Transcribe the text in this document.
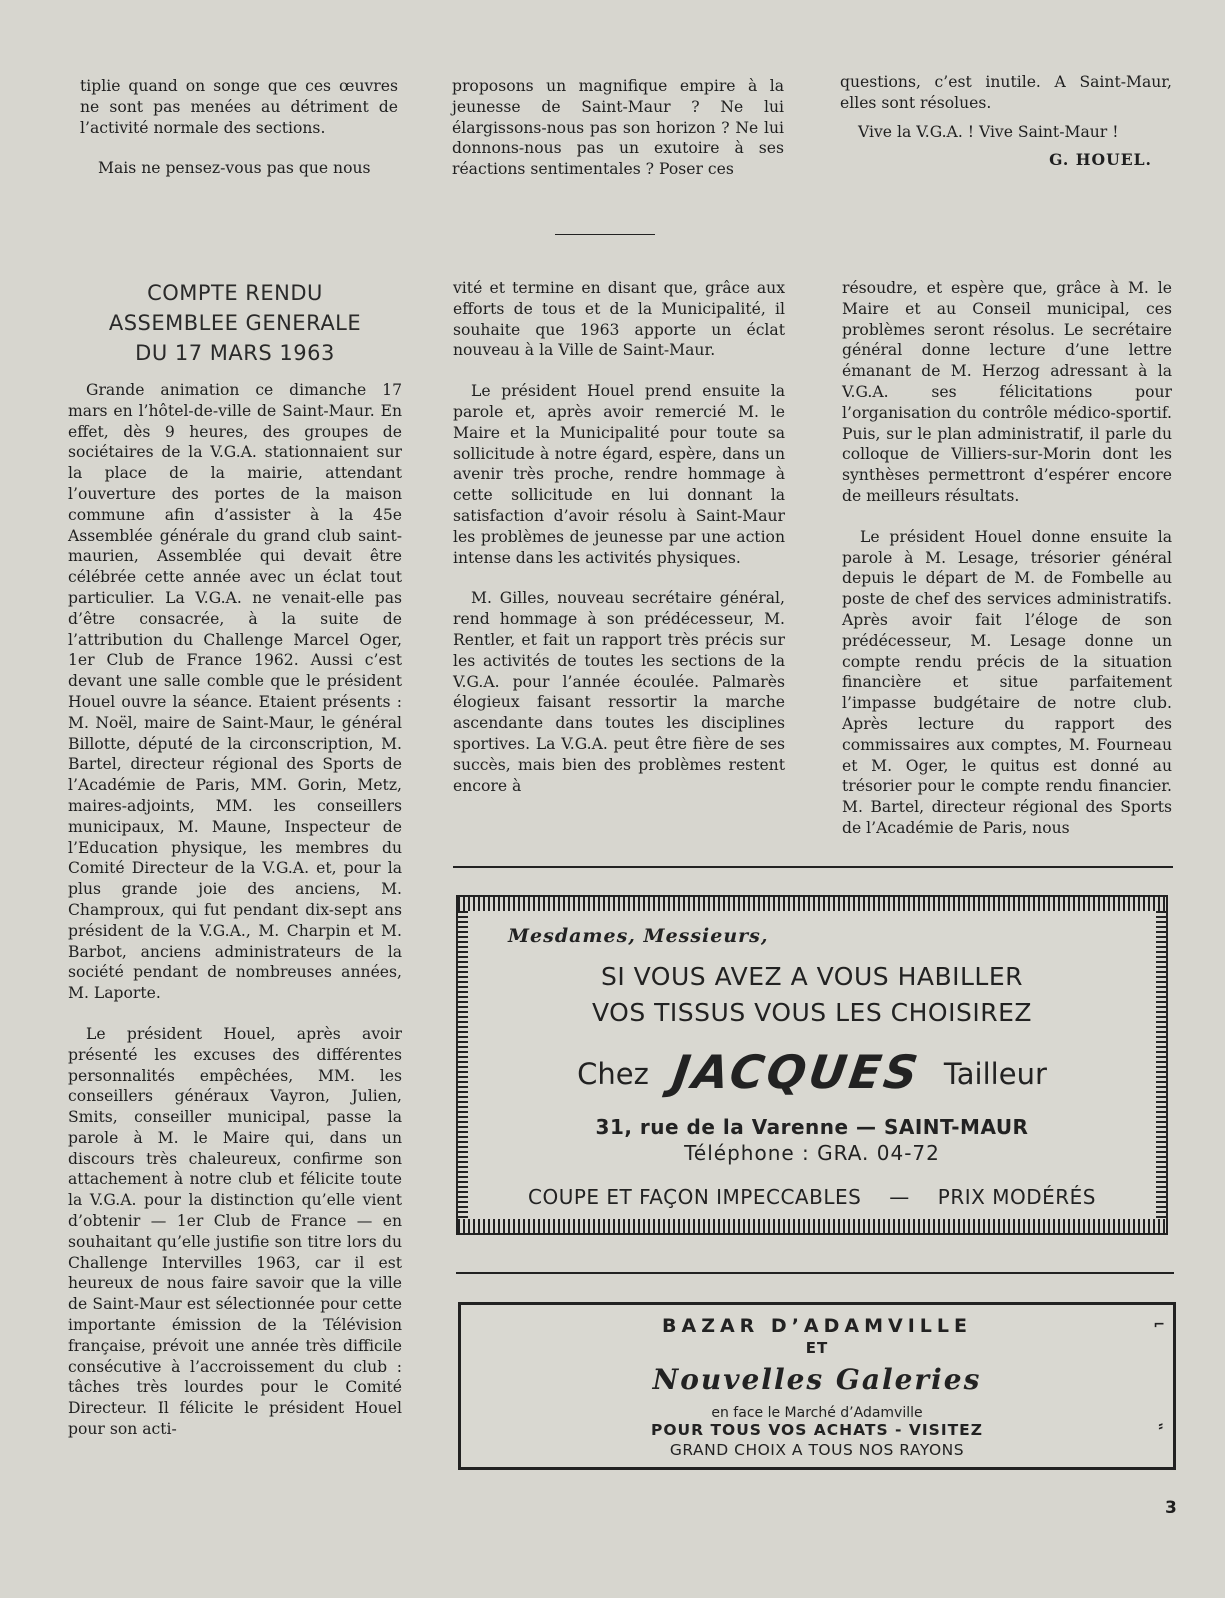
tiplie quand on songe que ces œuvres ne sont pas menées au détriment de l’activité normale des sections.

Mais ne pensez-vous pas que nous

proposons un magnifique empire à la jeunesse de Saint-Maur ? Ne lui élargissons-nous pas son horizon ? Ne lui donnons-nous pas un exutoire à ses réactions sentimentales ? Poser ces

questions, c’est inutile. A Saint-Maur, elles sont résolues.

Vive la V.G.A. ! Vive Saint-Maur !

G. HOUEL.
COMPTE RENDU
ASSEMBLEE GENERALE
DU 17 MARS 1963

Grande animation ce dimanche 17 mars en l’hôtel-de-ville de Saint-Maur. En effet, dès 9 heures, des groupes de sociétaires de la V.G.A. stationnaient sur la place de la mairie, attendant l’ouverture des portes de la maison commune afin d’assister à la 45e Assemblée générale du grand club saint-maurien, Assemblée qui devait être célébrée cette année avec un éclat tout particulier. La V.G.A. ne venait-elle pas d’être consacrée, à la suite de l’attribution du Challenge Marcel Oger, 1er Club de France 1962. Aussi c’est devant une salle comble que le président Houel ouvre la séance. Etaient présents : M. Noël, maire de Saint-Maur, le général Billotte, député de la circonscription, M. Bartel, directeur régional des Sports de l’Académie de Paris, MM. Gorin, Metz, maires-adjoints, MM. les conseillers municipaux, M. Maune, Inspecteur de l’Education physique, les membres du Comité Directeur de la V.G.A. et, pour la plus grande joie des anciens, M. Champroux, qui fut pendant dix-sept ans président de la V.G.A., M. Charpin et M. Barbot, anciens administrateurs de la société pendant de nombreuses années, M. Laporte.

Le président Houel, après avoir présenté les excuses des différentes personnalités empêchées, MM. les conseillers généraux Vayron, Julien, Smits, conseiller municipal, passe la parole à M. le Maire qui, dans un discours très chaleureux, confirme son attachement à notre club et félicite toute la V.G.A. pour la distinction qu’elle vient d’obtenir — 1er Club de France — en souhaitant qu’elle justifie son titre lors du Challenge Intervilles 1963, car il est heureux de nous faire savoir que la ville de Saint-Maur est sélectionnée pour cette importante émission de la Télévision française, prévoit une année très difficile consécutive à l’accroissement du club : tâches très lourdes pour le Comité Directeur. Il félicite le président Houel pour son acti-

vité et termine en disant que, grâce aux efforts de tous et de la Municipalité, il souhaite que 1963 apporte un éclat nouveau à la Ville de Saint-Maur.

Le président Houel prend ensuite la parole et, après avoir remercié M. le Maire et la Municipalité pour toute sa sollicitude à notre égard, espère, dans un avenir très proche, rendre hommage à cette sollicitude en lui donnant la satisfaction d’avoir résolu à Saint-Maur les problèmes de jeunesse par une action intense dans les activités physiques.

M. Gilles, nouveau secrétaire général, rend hommage à son prédécesseur, M. Rentler, et fait un rapport très précis sur les activités de toutes les sections de la V.G.A. pour l’année écoulée. Palmarès élogieux faisant ressortir la marche ascendante dans toutes les disciplines sportives. La V.G.A. peut être fière de ses succès, mais bien des problèmes restent encore à

résoudre, et espère que, grâce à M. le Maire et au Conseil municipal, ces problèmes seront résolus. Le secrétaire général donne lecture d’une lettre émanant de M. Herzog adressant à la V.G.A. ses félicitations pour l’organisation du contrôle médico-sportif. Puis, sur le plan administratif, il parle du colloque de Villiers-sur-Morin dont les synthèses permettront d’espérer encore de meilleurs résultats.

Le président Houel donne ensuite la parole à M. Lesage, trésorier général depuis le départ de M. de Fombelle au poste de chef des services administratifs. Après avoir fait l’éloge de son prédécesseur, M. Lesage donne un compte rendu précis de la situation financière et situe parfaitement l’impasse budgétaire de notre club. Après lecture du rapport des commissaires aux comptes, M. Fourneau et M. Oger, le quitus est donné au trésorier pour le compte rendu financier. M. Bartel, directeur régional des Sports de l’Académie de Paris, nous

Mesdames, Messieurs,
SI VOUS AVEZ A VOUS HABILLER
VOS TISSUS VOUS LES CHOISIREZ
Chez JACQUES Tailleur
31, rue de la Varenne — SAINT-MAUR
Téléphone : GRA. 04-72
COUPE ET FAÇON IMPECCABLES — PRIX MODÉRÉS
BAZAR D’ADAMVILLE
ET
Nouvelles Galeries
en face le Marché d’Adamville
POUR TOUS VOS ACHATS - VISITEZ
GRAND CHOIX A TOUS NOS RAYONS
⌐
⸗
3
